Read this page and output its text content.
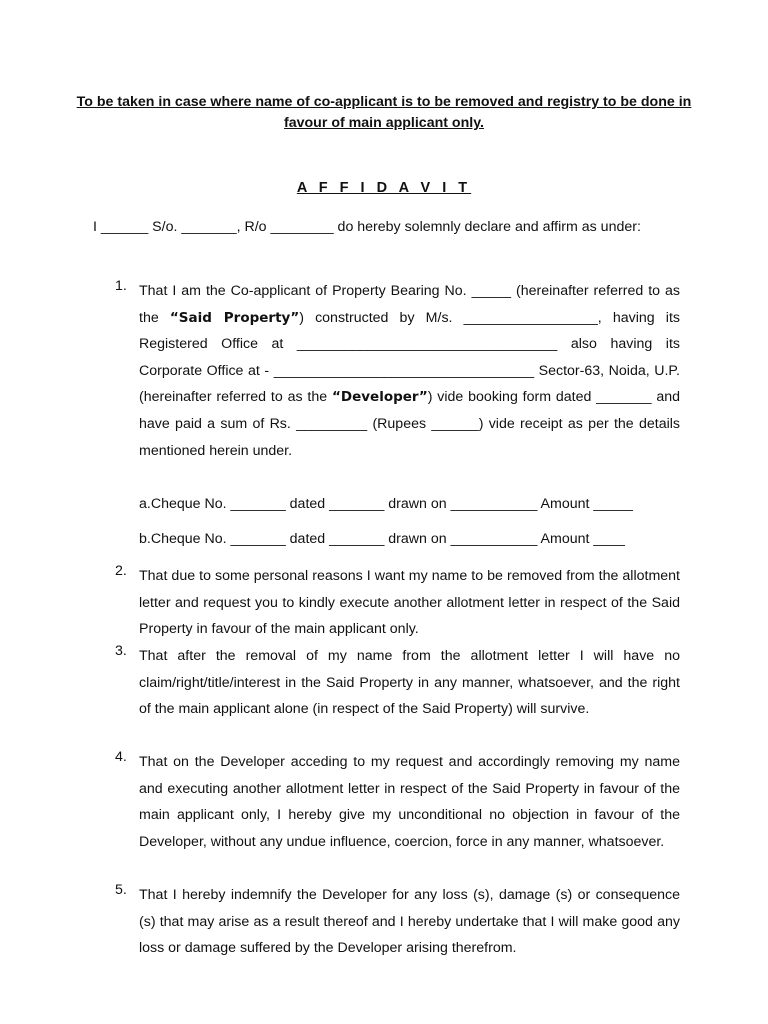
To be taken in case where name of co-applicant is to be removed and registry to be done in favour of main applicant only.
A F F I D A V I T

I ______ S/o. _______, R/o ________ do hereby solemnly declare and affirm as under:

1. That I am the Co-applicant of Property Bearing No. _____ (hereinafter referred to as the “Said Property”) constructed by M/s. _________________, having its Registered Office at _________________________________ also having its Corporate Office at - _________________________________ Sector-63, Noida, U.P. (hereinafter referred to as the “Developer”) vide booking form dated _______ and have paid a sum of Rs. _________ (Rupees ______) vide receipt as per the details mentioned herein under.

a.Cheque No. _______ dated _______ drawn on ___________ Amount _____

b.Cheque No. _______ dated _______ drawn on ___________ Amount ____

2. That due to some personal reasons I want my name to be removed from the allotment letter and request you to kindly execute another allotment letter in respect of the Said Property in favour of the main applicant only.
3. That after the removal of my name from the allotment letter I will have no claim/right/title/interest in the Said Property in any manner, whatsoever, and the right of the main applicant alone (in respect of the Said Property) will survive.
4. That on the Developer acceding to my request and accordingly removing my name and executing another allotment letter in respect of the Said Property in favour of the main applicant only, I hereby give my unconditional no objection in favour of the Developer, without any undue influence, coercion, force in any manner, whatsoever.
5. That I hereby indemnify the Developer for any loss (s), damage (s) or consequence (s) that may arise as a result thereof and I hereby undertake that I will make good any loss or damage suffered by the Developer arising therefrom.
